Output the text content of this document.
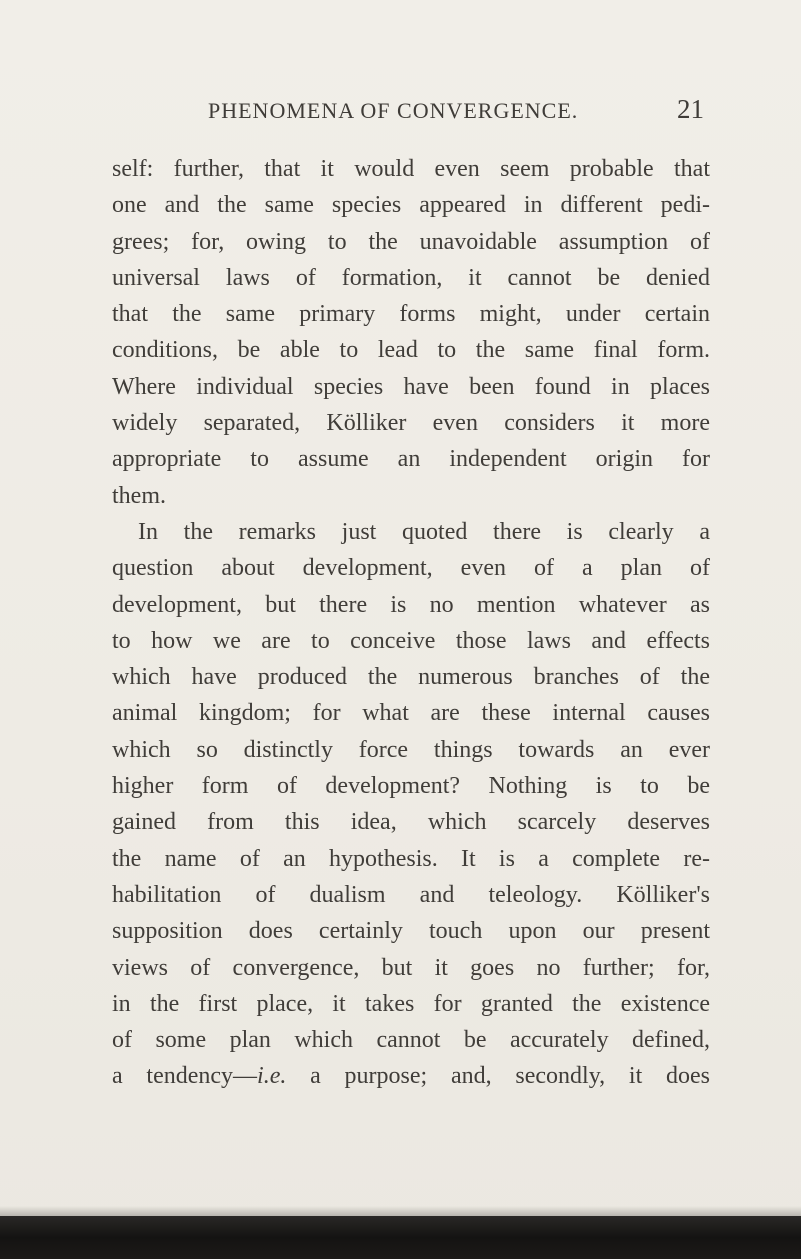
PHENOMENA OF CONVERGENCE.	21
self: further, that it would even seem probable that
one and the same species appeared in different pedi-
grees; for, owing to the unavoidable assumption of
universal laws of formation, it cannot be denied
that the same primary forms might, under certain
conditions, be able to lead to the same final form.
Where individual species have been found in places
widely separated, Kölliker even considers it more
appropriate to assume an independent origin for
them.
In the remarks just quoted there is clearly a
question about development, even of a plan of
development, but there is no mention whatever as
to how we are to conceive those laws and effects
which have produced the numerous branches of the
animal kingdom; for what are these internal causes
which so distinctly force things towards an ever
higher form of development? Nothing is to be
gained from this idea, which scarcely deserves
the name of an hypothesis. It is a complete re-
habilitation of dualism and teleology. Kölliker's
supposition does certainly touch upon our present
views of convergence, but it goes no further; for,
in the first place, it takes for granted the existence
of some plan which cannot be accurately defined,
a tendency—i.e. a purpose; and, secondly, it does
